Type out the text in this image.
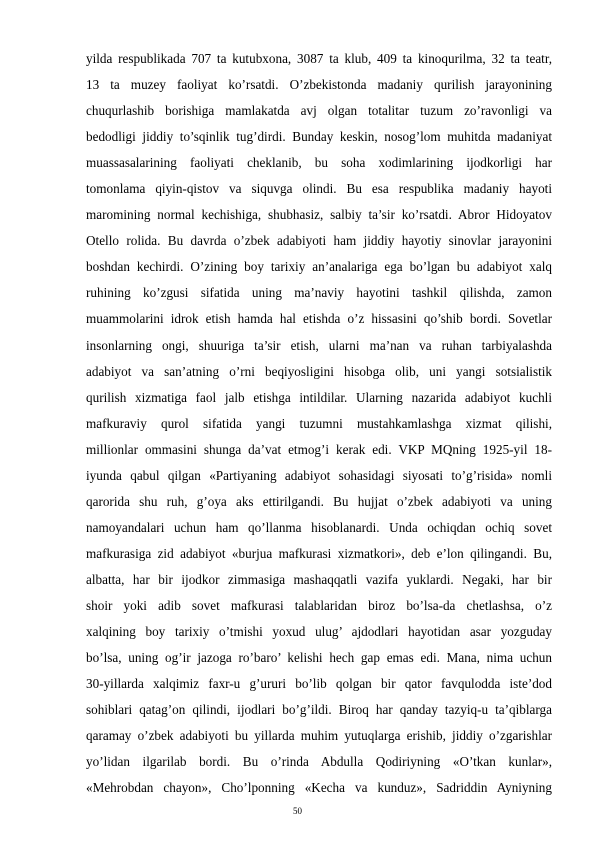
yilda respublikada 707 ta kutubxona, 3087 ta klub, 409 ta kinoqurilma, 32 ta teatr,
13 ta muzey faoliyat ko’rsatdi. O’zbekistonda madaniy qurilish jarayonining
chuqurlashib borishiga mamlakatda avj olgan totalitar tuzum zo’ravonligi va
bedodligi jiddiy to’sqinlik tug’dirdi. Bunday keskin, nosog’lom muhitda madaniyat
muassasalarining faoliyati cheklanib, bu soha xodimlarining ijodkorligi har
tomonlama qiyin-qistov va siquvga olindi. Bu esa respublika madaniy hayoti
maromining normal kechishiga, shubhasiz, salbiy ta’sir ko’rsatdi. Abror Hidoyatov
Otello rolida. Bu davrda o’zbek adabiyoti ham jiddiy hayotiy sinovlar jarayonini
boshdan kechirdi. O’zining boy tarixiy an’analariga ega bo’lgan bu adabiyot xalq
ruhining ko’zgusi sifatida uning ma’naviy hayotini tashkil qilishda, zamon
muammolarini idrok etish hamda hal etishda o’z hissasini qo’shib bordi. Sovetlar
insonlarning ongi, shuuriga ta’sir etish, ularni ma’nan va ruhan tarbiyalashda
adabiyot va san’atning o’rni beqiyosligini hisobga olib, uni yangi sotsialistik
qurilish xizmatiga faol jalb etishga intildilar. Ularning nazarida adabiyot kuchli
mafkuraviy qurol sifatida yangi tuzumni mustahkamlashga xizmat qilishi,
millionlar ommasini shunga da’vat etmog’i kerak edi. VKP MQning 1925-yil 18-
iyunda qabul qilgan «Partiyaning adabiyot sohasidagi siyosati to’g’risida» nomli
qarorida shu ruh, g’oya aks ettirilgandi. Bu hujjat o’zbek adabiyoti va uning
namoyandalari uchun ham qo’llanma hisoblanardi. Unda ochiqdan ochiq sovet
mafkurasiga zid adabiyot «burjua mafkurasi xizmatkori», deb e’lon qilingandi. Bu,
albatta, har bir ijodkor zimmasiga mashaqqatli vazifa yuklardi. Negaki, har bir
shoir yoki adib sovet mafkurasi talablaridan biroz bo’lsa-da chetlashsa, o’z
xalqining boy tarixiy o’tmishi yoxud ulug’ ajdodlari hayotidan asar yozguday
bo’lsa, uning og’ir jazoga ro’baro’ kelishi hech gap emas edi. Mana, nima uchun
30-yillarda xalqimiz faxr-u g’ururi bo’lib qolgan bir qator favqulodda iste’dod
sohiblari qatag’on qilindi, ijodlari bo’g’ildi. Biroq har qanday tazyiq-u ta’qiblarga
qaramay o’zbek adabiyoti bu yillarda muhim yutuqlarga erishib, jiddiy o’zgarishlar
yo’lidan ilgarilab bordi. Bu o’rinda Abdulla Qodiriyning «O’tkan kunlar»,
«Mehrobdan chayon», Cho’lponning «Kecha va kunduz», Sadriddin Ayniyning
50
